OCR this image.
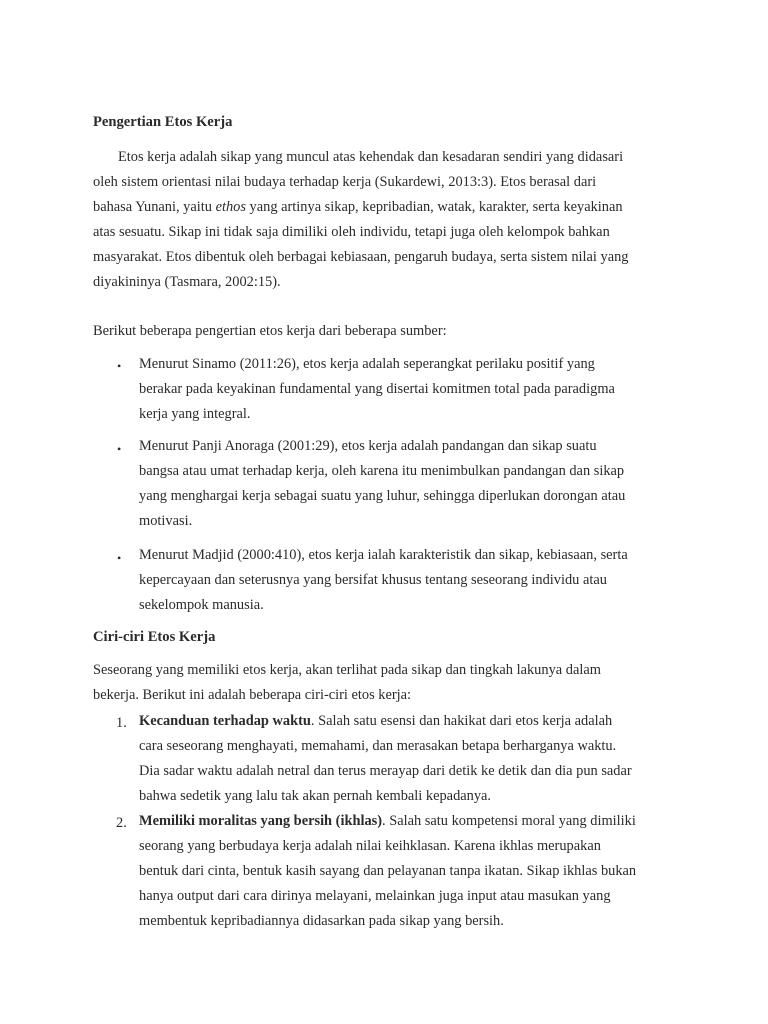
Pengertian Etos Kerja
Etos kerja adalah sikap yang muncul atas kehendak dan kesadaran sendiri yang didasari
oleh sistem orientasi nilai budaya terhadap kerja (Sukardewi, 2013:3). Etos berasal dari
bahasa Yunani, yaitu ethos yang artinya sikap, kepribadian, watak, karakter, serta keyakinan
atas sesuatu. Sikap ini tidak saja dimiliki oleh individu, tetapi juga oleh kelompok bahkan
masyarakat. Etos dibentuk oleh berbagai kebiasaan, pengaruh budaya, serta sistem nilai yang
diyakininya (Tasmara, 2002:15).
Berikut beberapa pengertian etos kerja dari beberapa sumber:
• Menurut Sinamo (2011:26), etos kerja adalah seperangkat perilaku positif yang
berakar pada keyakinan fundamental yang disertai komitmen total pada paradigma
kerja yang integral.
• Menurut Panji Anoraga (2001:29), etos kerja adalah pandangan dan sikap suatu
bangsa atau umat terhadap kerja, oleh karena itu menimbulkan pandangan dan sikap
yang menghargai kerja sebagai suatu yang luhur, sehingga diperlukan dorongan atau
motivasi.
• Menurut Madjid (2000:410), etos kerja ialah karakteristik dan sikap, kebiasaan, serta
kepercayaan dan seterusnya yang bersifat khusus tentang seseorang individu atau
sekelompok manusia.
Ciri-ciri Etos Kerja
Seseorang yang memiliki etos kerja, akan terlihat pada sikap dan tingkah lakunya dalam
bekerja. Berikut ini adalah beberapa ciri-ciri etos kerja:
1. Kecanduan terhadap waktu. Salah satu esensi dan hakikat dari etos kerja adalah
cara seseorang menghayati, memahami, dan merasakan betapa berharganya waktu.
Dia sadar waktu adalah netral dan terus merayap dari detik ke detik dan dia pun sadar
bahwa sedetik yang lalu tak akan pernah kembali kepadanya.
2. Memiliki moralitas yang bersih (ikhlas). Salah satu kompetensi moral yang dimiliki
seorang yang berbudaya kerja adalah nilai keihklasan. Karena ikhlas merupakan
bentuk dari cinta, bentuk kasih sayang dan pelayanan tanpa ikatan. Sikap ikhlas bukan
hanya output dari cara dirinya melayani, melainkan juga input atau masukan yang
membentuk kepribadiannya didasarkan pada sikap yang bersih.
